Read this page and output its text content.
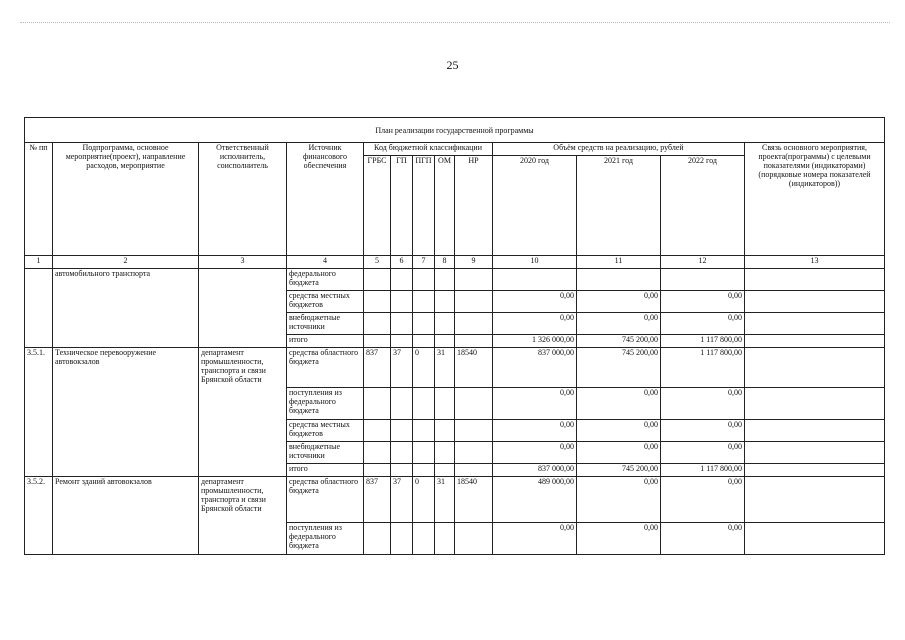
25
План реализации государственной программы												
№ пп	Подпрограмма, основное мероприятие(проект), направление расходов, мероприятие	Ответственный исполнитель, соисполнитель	Источник финансового обеспечения	Код бюджетной классификации					Объём средств на реализацию, рублей			Связь основного мероприятия, проекта(программы) с целевыми показателями (индикаторами) (порядковые номера показателей (индикаторов))
				ГРБС	ГП	ПГП	ОМ	НР	2020 год	2021 год	2022 год	
1	2	3	4	5	6	7	8	9	10	11	12	13
	автомобильного транспорта		федерального бюджета									
			средства местных бюджетов						0,00	0,00	0,00	
			внебюджетные источники						0,00	0,00	0,00	
			итого						1 326 000,00	745 200,00	1 117 800,00	
3.5.1.	Техническое перевооружение автовокзалов	департамент промышленности, транспорта и связи Брянской области	средства областного бюджета	837	37	0	31	18540	837 000,00	745 200,00	1 117 800,00	
			поступления из федерального бюджета						0,00	0,00	0,00	
			средства местных бюджетов						0,00	0,00	0,00	
			внебюджетные источники						0,00	0,00	0,00	
			итого						837 000,00	745 200,00	1 117 800,00	
3.5.2.	Ремонт зданий автовокзалов	департамент промышленности, транспорта и связи Брянской области	средства областного бюджета	837	37	0	31	18540	489 000,00	0,00	0,00	
			поступления из федерального бюджета						0,00	0,00	0,00	
